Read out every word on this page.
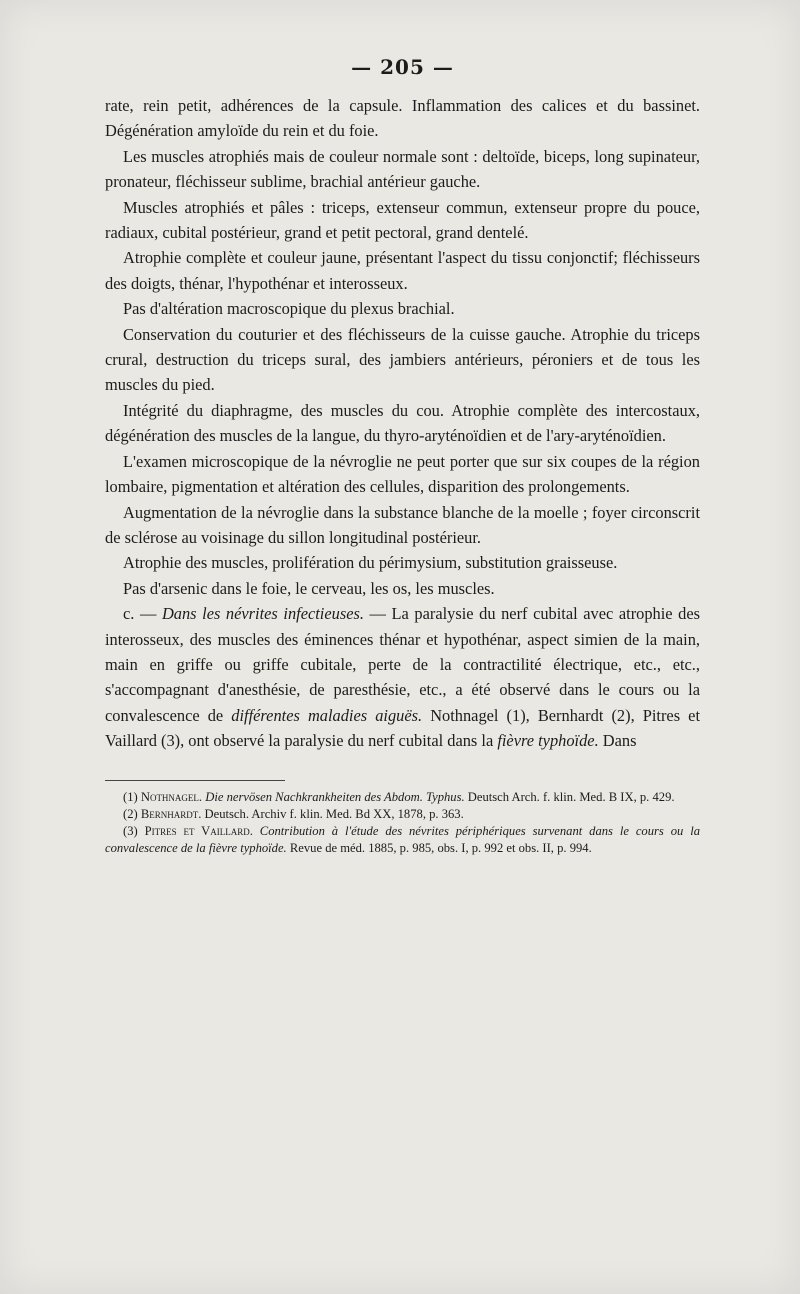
— 205 —

rate, rein petit, adhérences de la capsule. Inflammation des calices et du bassinet. Dégénération amyloïde du rein et du foie.

Les muscles atrophiés mais de couleur normale sont : deltoïde, biceps, long supinateur, pronateur, fléchisseur sublime, brachial antérieur gauche.

Muscles atrophiés et pâles : triceps, extenseur commun, extenseur propre du pouce, radiaux, cubital postérieur, grand et petit pectoral, grand dentelé.

Atrophie complète et couleur jaune, présentant l'aspect du tissu conjonctif; fléchisseurs des doigts, thénar, l'hypothénar et interosseux.

Pas d'altération macroscopique du plexus brachial.

Conservation du couturier et des fléchisseurs de la cuisse gauche. Atrophie du triceps crural, destruction du triceps sural, des jambiers antérieurs, péroniers et de tous les muscles du pied.

Intégrité du diaphragme, des muscles du cou. Atrophie complète des intercostaux, dégénération des muscles de la langue, du thyro-aryténoïdien et de l'ary-aryténoïdien.

L'examen microscopique de la névroglie ne peut porter que sur six coupes de la région lombaire, pigmentation et altération des cellules, disparition des prolongements.

Augmentation de la névroglie dans la substance blanche de la moelle ; foyer circonscrit de sclérose au voisinage du sillon longitudinal postérieur.

Atrophie des muscles, prolifération du périmysium, substitution graisseuse.

Pas d'arsenic dans le foie, le cerveau, les os, les muscles.

c. — Dans les névrites infectieuses. — La paralysie du nerf cubital avec atrophie des interosseux, des muscles des éminences thénar et hypothénar, aspect simien de la main, main en griffe ou griffe cubitale, perte de la contractilité électrique, etc., etc., s'accompagnant d'anesthésie, de paresthésie, etc., a été observé dans le cours ou la convalescence de différentes maladies aiguës. Nothnagel (1), Bernhardt (2), Pitres et Vaillard (3), ont observé la paralysie du nerf cubital dans la fièvre typhoïde. Dans

(1) Nothnagel. Die nervösen Nachkrankheiten des Abdom. Typhus. Deutsch Arch. f. klin. Med. B IX, p. 429.

(2) Bernhardt. Deutsch. Archiv f. klin. Med. Bd XX, 1878, p. 363.

(3) Pitres et Vaillard. Contribution à l'étude des névrites périphériques survenant dans le cours ou la convalescence de la fièvre typhoïde. Revue de méd. 1885, p. 985, obs. I, p. 992 et obs. II, p. 994.
